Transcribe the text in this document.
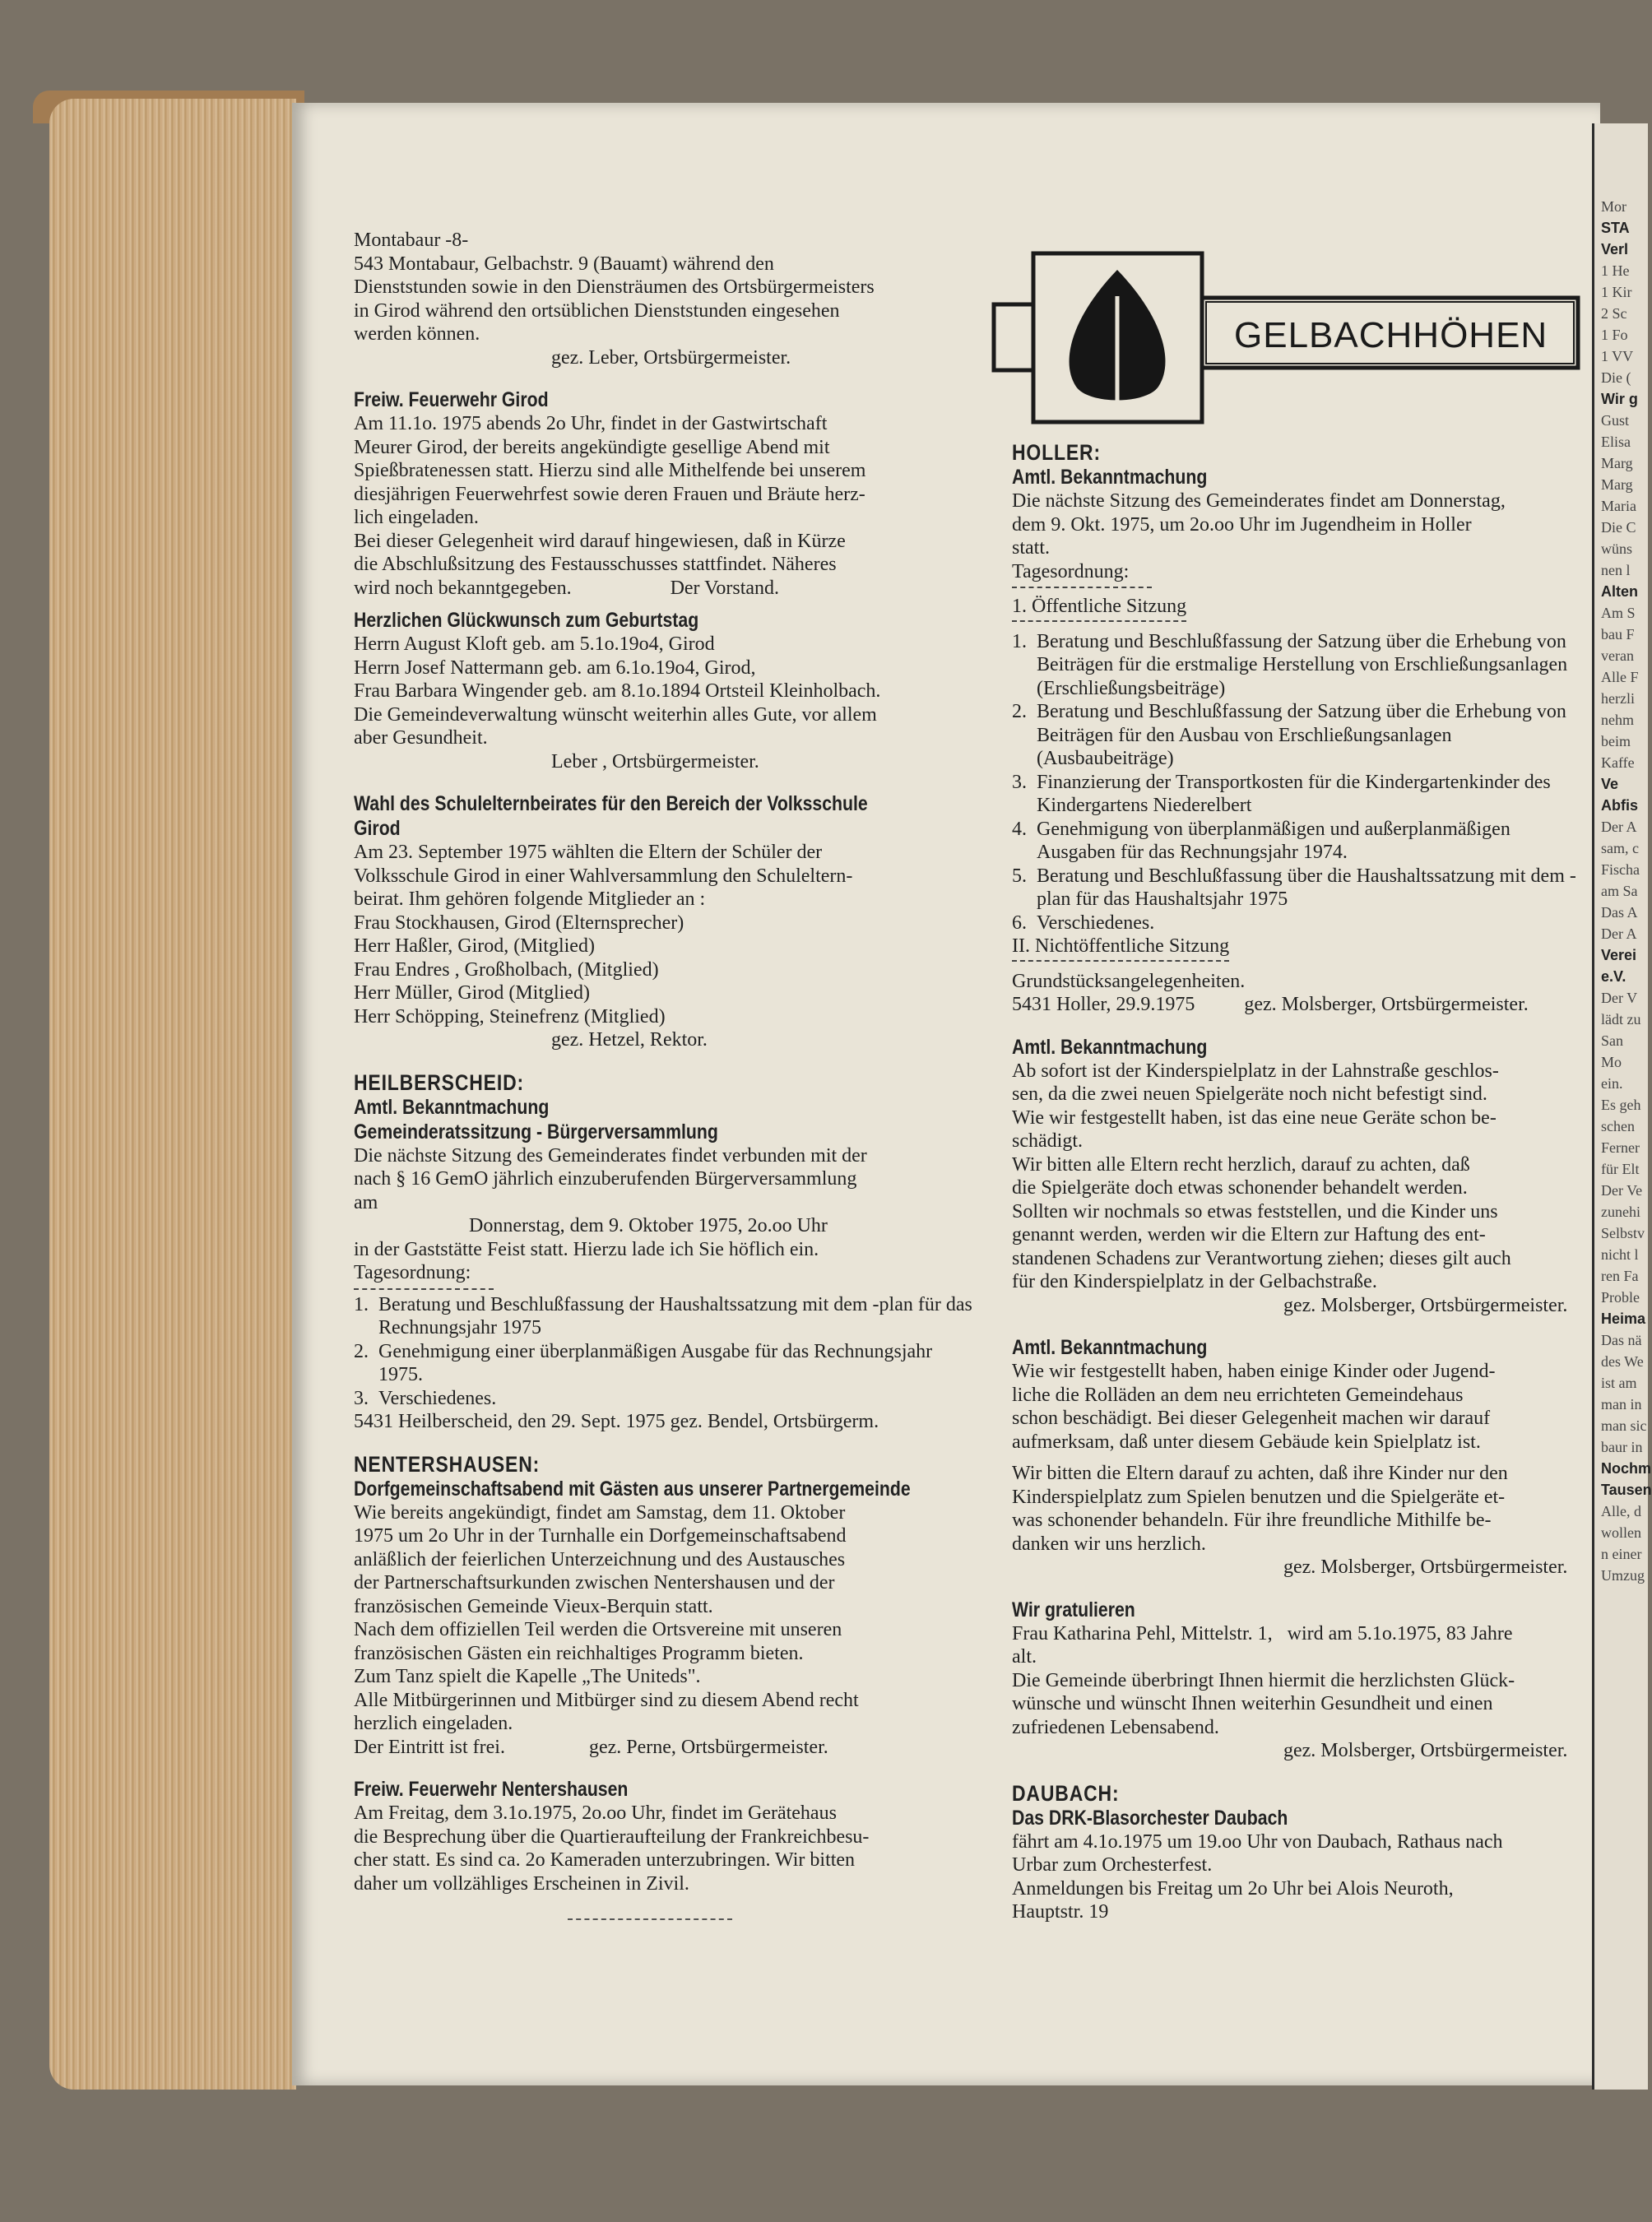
Mor
STA
Verl
1 He
1 Kir
2 Sc
1 Fo
1 VV
Die (
Wir g
Gust
Elisa
Marg
Marg
Maria
Die C
wüns
nen l
Alten
Am S
bau F
veran
Alle F
herzli
nehm
beim
Kaffe
Ve
Abfis
Der A
sam, c
Fischa
am Sa
Das A
Der A
Verei
e.V.
Der V
lädt zu
San
Mo
ein.
Es geh
schen
Ferner
für Elt
Der Ve
zunehi
Selbstv
nicht l
ren Fa
Proble
Heima
Das nä
des We
ist am
man in
man sic
baur in
Nochm
Tausen
Alle, d
wollen
n einer
Umzug

Montabaur -8-

543 Montabaur, Gelbachstr. 9 (Bauamt) während den

Dienststunden sowie in den Diensträumen des Ortsbürgermeisters

in Girod während den ortsüblichen Dienststunden eingesehen

werden können.

gez. Leber, Ortsbürgermeister.

Freiw. Feuerwehr Girod

Am 11.1o. 1975 abends 2o Uhr, findet in der Gastwirtschaft

Meurer Girod, der bereits angekündigte gesellige Abend mit

Spießbratenessen statt. Hierzu sind alle Mithelfende bei unserem

diesjährigen Feuerwehrfest sowie deren Frauen und Bräute herz-

lich eingeladen.

Bei dieser Gelegenheit wird darauf hingewiesen, daß in Kürze

die Abschlußsitzung des Festausschusses stattfindet. Näheres

wird noch bekanntgegeben.                    Der Vorstand.

Herzlichen Glückwunsch zum Geburtstag

Herrn August Kloft geb. am 5.1o.19o4, Girod

Herrn Josef Nattermann geb. am 6.1o.19o4, Girod,

Frau Barbara Wingender geb. am 8.1o.1894 Ortsteil Kleinholbach.

Die Gemeindeverwaltung wünscht weiterhin alles Gute, vor allem

aber Gesundheit.

Leber , Ortsbürgermeister.

Wahl des Schulelternbeirates für den Bereich der Volksschule

Girod

Am 23. September 1975 wählten die Eltern der Schüler der

Volksschule Girod in einer Wahlversammlung den Schuleltern-

beirat. Ihm gehören folgende Mitglieder an :

Frau Stockhausen, Girod (Elternsprecher)

Herr Haßler, Girod, (Mitglied)

Frau Endres , Großholbach, (Mitglied)

Herr Müller, Girod (Mitglied)

Herr Schöpping, Steinefrenz (Mitglied)

gez. Hetzel, Rektor.

HEILBERSCHEID:

Amtl. Bekanntmachung

Gemeinderatssitzung - Bürgerversammlung

Die nächste Sitzung des Gemeinderates findet verbunden mit der

nach § 16 GemO jährlich einzuberufenden Bürgerversammlung

am

Donnerstag, dem 9. Oktober 1975, 2o.oo Uhr

in der Gaststätte Feist statt. Hierzu lade ich Sie höflich ein.

Tagesordnung:

1. Beratung und Beschlußfassung der Haushaltssatzung mit dem -plan für das Rechnungsjahr 1975
2. Genehmigung einer überplanmäßigen Ausgabe für das Rechnungsjahr 1975.
3. Verschiedenes.

5431 Heilberscheid, den 29. Sept. 1975 gez. Bendel, Ortsbürgerm.

NENTERSHAUSEN:

Dorfgemeinschaftsabend mit Gästen aus unserer Partnergemeinde

Wie bereits angekündigt, findet am Samstag, dem 11. Oktober

1975 um 2o Uhr in der Turnhalle ein Dorfgemeinschaftsabend

anläßlich der feierlichen Unterzeichnung und des Austausches

der Partnerschaftsurkunden zwischen Nentershausen und der

französischen Gemeinde Vieux-Berquin statt.

Nach dem offiziellen Teil werden die Ortsvereine mit unseren

französischen Gästen ein reichhaltiges Programm bieten.

Zum Tanz spielt die Kapelle „The Uniteds".

Alle Mitbürgerinnen und Mitbürger sind zu diesem Abend recht

herzlich eingeladen.

Der Eintritt ist frei.                 gez. Perne, Ortsbürgermeister.

Freiw. Feuerwehr Nentershausen

Am Freitag, dem 3.1o.1975, 2o.oo Uhr, findet im Gerätehaus

die Besprechung über die Quartieraufteilung der Frankreichbesu-

cher statt. Es sind ca. 2o Kameraden unterzubringen. Wir bitten

daher um vollzähliges Erscheinen in Zivil.

GELBACHHÖHEN

HOLLER:

Amtl. Bekanntmachung

Die nächste Sitzung des Gemeinderates findet am Donnerstag,

dem 9. Okt. 1975, um 2o.oo Uhr im Jugendheim in Holler

statt.

Tagesordnung:

1. Öffentliche Sitzung

1. Beratung und Beschlußfassung der Satzung über die Erhebung von Beiträgen für die erstmalige Herstellung von Erschließungsanlagen (Erschließungsbeiträge)
2. Beratung und Beschlußfassung der Satzung über die Erhebung von Beiträgen für den Ausbau von Erschließungsanlagen (Ausbaubeiträge)
3. Finanzierung der Transportkosten für die Kindergartenkinder des Kindergartens Niederelbert
4. Genehmigung von überplanmäßigen und außerplanmäßigen Ausgaben für das Rechnungsjahr 1974.
5. Beratung und Beschlußfassung über die Haushaltssatzung mit dem -plan für das Haushaltsjahr 1975
6. Verschiedenes.

II. Nichtöffentliche Sitzung

Grundstücksangelegenheiten.

5431 Holler, 29.9.1975          gez. Molsberger, Ortsbürgermeister.

Amtl. Bekanntmachung

Ab sofort ist der Kinderspielplatz in der Lahnstraße geschlos-

sen, da die zwei neuen Spielgeräte noch nicht befestigt sind.

Wie wir festgestellt haben, ist das eine neue Geräte schon be-

schädigt.

Wir bitten alle Eltern recht herzlich, darauf zu achten, daß

die Spielgeräte doch etwas schonender behandelt werden.

Sollten wir nochmals so etwas feststellen, und die Kinder uns

genannt werden, werden wir die Eltern zur Haftung des ent-

standenen Schadens zur Verantwortung ziehen; dieses gilt auch

für den Kinderspielplatz in der Gelbachstraße.

gez. Molsberger, Ortsbürgermeister.

Amtl. Bekanntmachung

Wie wir festgestellt haben, haben einige Kinder oder Jugend-

liche die Rolläden an dem neu errichteten Gemeindehaus

schon beschädigt. Bei dieser Gelegenheit machen wir darauf

aufmerksam, daß unter diesem Gebäude kein Spielplatz ist.

Wir bitten die Eltern darauf zu achten, daß ihre Kinder nur den

Kinderspielplatz zum Spielen benutzen und die Spielgeräte et-

was schonender behandeln. Für ihre freundliche Mithilfe be-

danken wir uns herzlich.

gez. Molsberger, Ortsbürgermeister.

Wir gratulieren

Frau Katharina Pehl, Mittelstr. 1,   wird am 5.1o.1975, 83 Jahre

alt.

Die Gemeinde überbringt Ihnen hiermit die herzlichsten Glück-

wünsche und wünscht Ihnen weiterhin Gesundheit und einen

zufriedenen Lebensabend.

gez. Molsberger, Ortsbürgermeister.

DAUBACH:

Das DRK-Blasorchester Daubach

fährt am 4.1o.1975 um 19.oo Uhr von Daubach, Rathaus nach

Urbar zum Orchesterfest.

Anmeldungen bis Freitag um 2o Uhr bei Alois Neuroth,

Hauptstr. 19
